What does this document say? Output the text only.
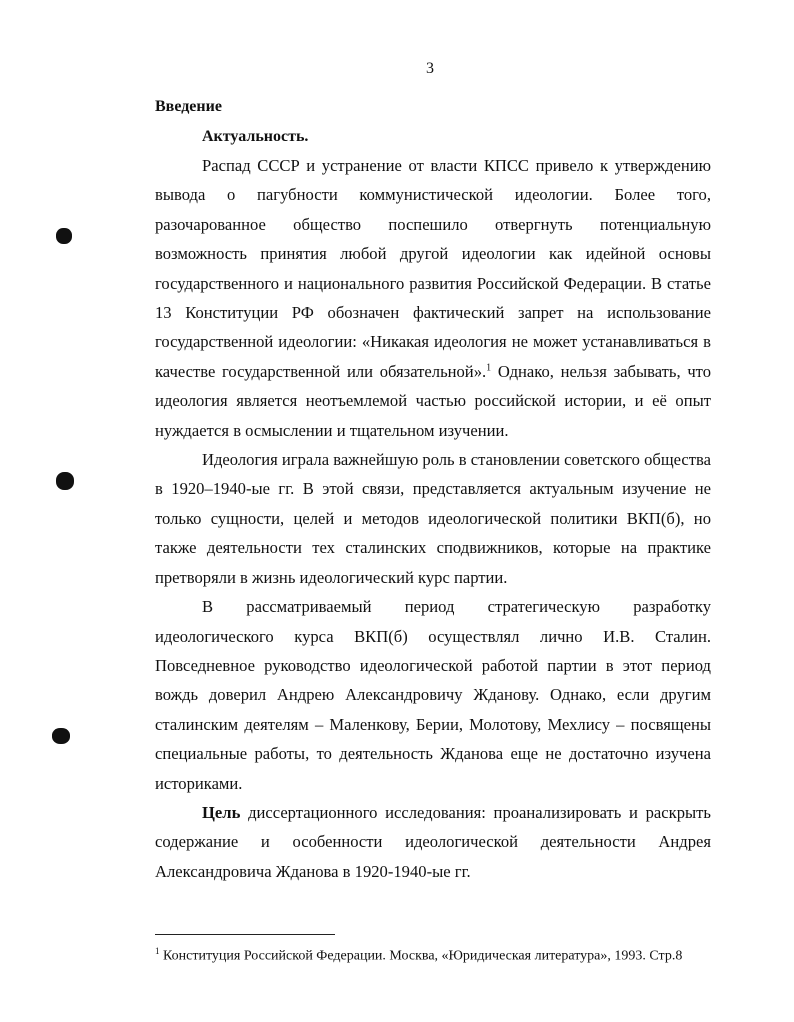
3
Введение
Актуальность.

Распад СССР и устранение от власти КПСС привело к утверждению вывода о пагубности коммунистической идеологии. Более того, разочарованное общество поспешило отвергнуть потенциальную возможность принятия любой другой идеологии как идейной основы государственного и национального развития Российской Федерации. В статье 13 Конституции РФ обозначен фактический запрет на использование государственной идеологии: «Никакая идеология не может устанавливаться в качестве государственной или обязательной».$^1$ Однако, нельзя забывать, что идеология является неотъемлемой частью российской истории, и её опыт нуждается в осмыслении и тщательном изучении.

Идеология играла важнейшую роль в становлении советского общества в 1920–1940-ые гг. В этой связи, представляется актуальным изучение не только сущности, целей и методов идеологической политики ВКП(б), но также деятельности тех сталинских сподвижников, которые на практике претворяли в жизнь идеологический курс партии.

В рассматриваемый период стратегическую разработку идеологического курса ВКП(б) осуществлял лично И.В. Сталин. Повседневное руководство идеологической работой партии в этот период вождь доверил Андрею Александровичу Жданову. Однако, если другим сталинским деятелям – Маленкову, Берии, Молотову, Мехлису – посвящены специальные работы, то деятельность Жданова еще не достаточно изучена историками.

Цель диссертационного исследования: проанализировать и раскрыть содержание и особенности идеологической деятельности Андрея Александровича Жданова в 1920-1940-ые гг.

$^1$ Конституция Российской Федерации. Москва, «Юридическая литература», 1993. Стр.8
